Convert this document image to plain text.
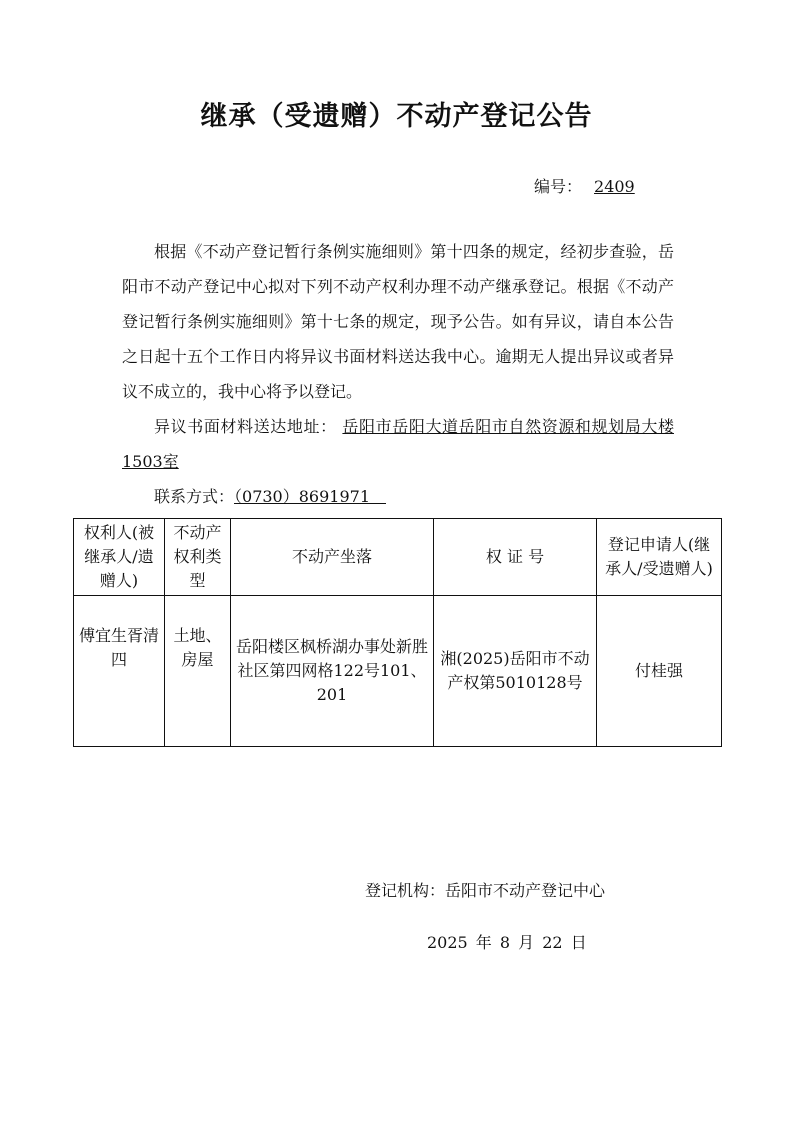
继承（受遗赠）不动产登记公告
编号： 2409

根据《不动产登记暂行条例实施细则》第十四条的规定，经初步查验，岳阳市不动产登记中心拟对下列不动产权利办理不动产继承登记。根据《不动产登记暂行条例实施细则》第十七条的规定，现予公告。如有异议，请自本公告之日起十五个工作日内将异议书面材料送达我中心。逾期无人提出异议或者异议不成立的，我中心将予以登记。

异议书面材料送达地址： 岳阳市岳阳大道岳阳市自然资源和规划局大楼1503室

联系方式：（0730）8691971 

权利人(被继承人/遗赠人)	不动产权利类型	不动产坐落	权 证 号	登记申请人(继承人/受遗赠人)
傅宜生胥清四	土地、房屋	岳阳楼区枫桥湖办事处新胜社区第四网格122号101、201	湘(2025)岳阳市不动产权第5010128号	付桂强
登记机构：岳阳市不动产登记中心
2025 年 8 月 22 日
